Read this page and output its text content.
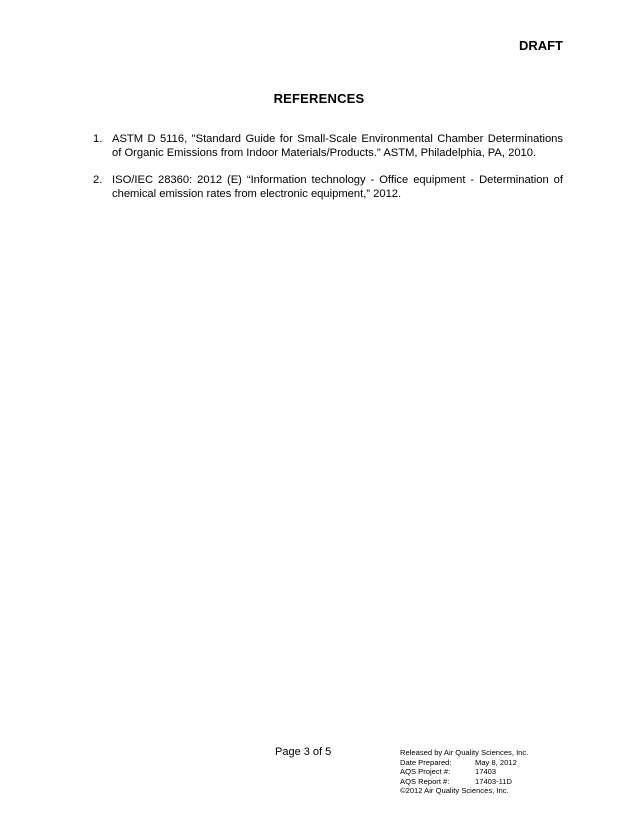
DRAFT
REFERENCES
1. ASTM D 5116, "Standard Guide for Small-Scale Environmental Chamber Determinations of Organic Emissions from Indoor Materials/Products." ASTM, Philadelphia, PA, 2010.
2. ISO/IEC 28360: 2012 (E) “Information technology - Office equipment - Determination of chemical emission rates from electronic equipment,” 2012.
Page 3 of 5	Released by Air Quality Sciences, Inc.
Date Prepared:	May 8, 2012
AQS Project #:	17403
AQS Report #:	17403-11D
©2012 Air Quality Sciences, Inc.
